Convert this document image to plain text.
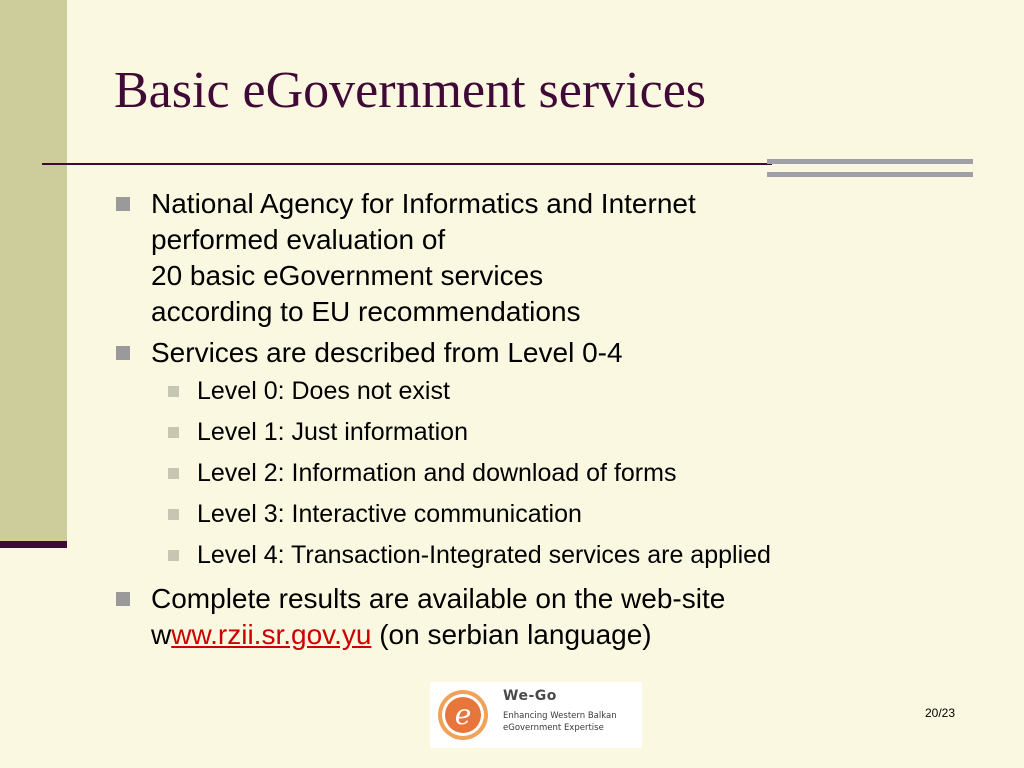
Basic eGovernment services
National Agency for Informatics and Internet
performed evaluation of
20 basic eGovernment services
according to EU recommendations
Services are described from Level 0-4
Level 0: Does not exist
Level 1: Just information
Level 2: Information and download of forms
Level 3: Interactive communication
Level 4: Transaction-Integrated services are applied
Complete results are available on the web-site
www.rzii.sr.gov.yu (on serbian language)
e
We-Go
Enhancing Western Balkan
eGovernment Expertise
20/23
